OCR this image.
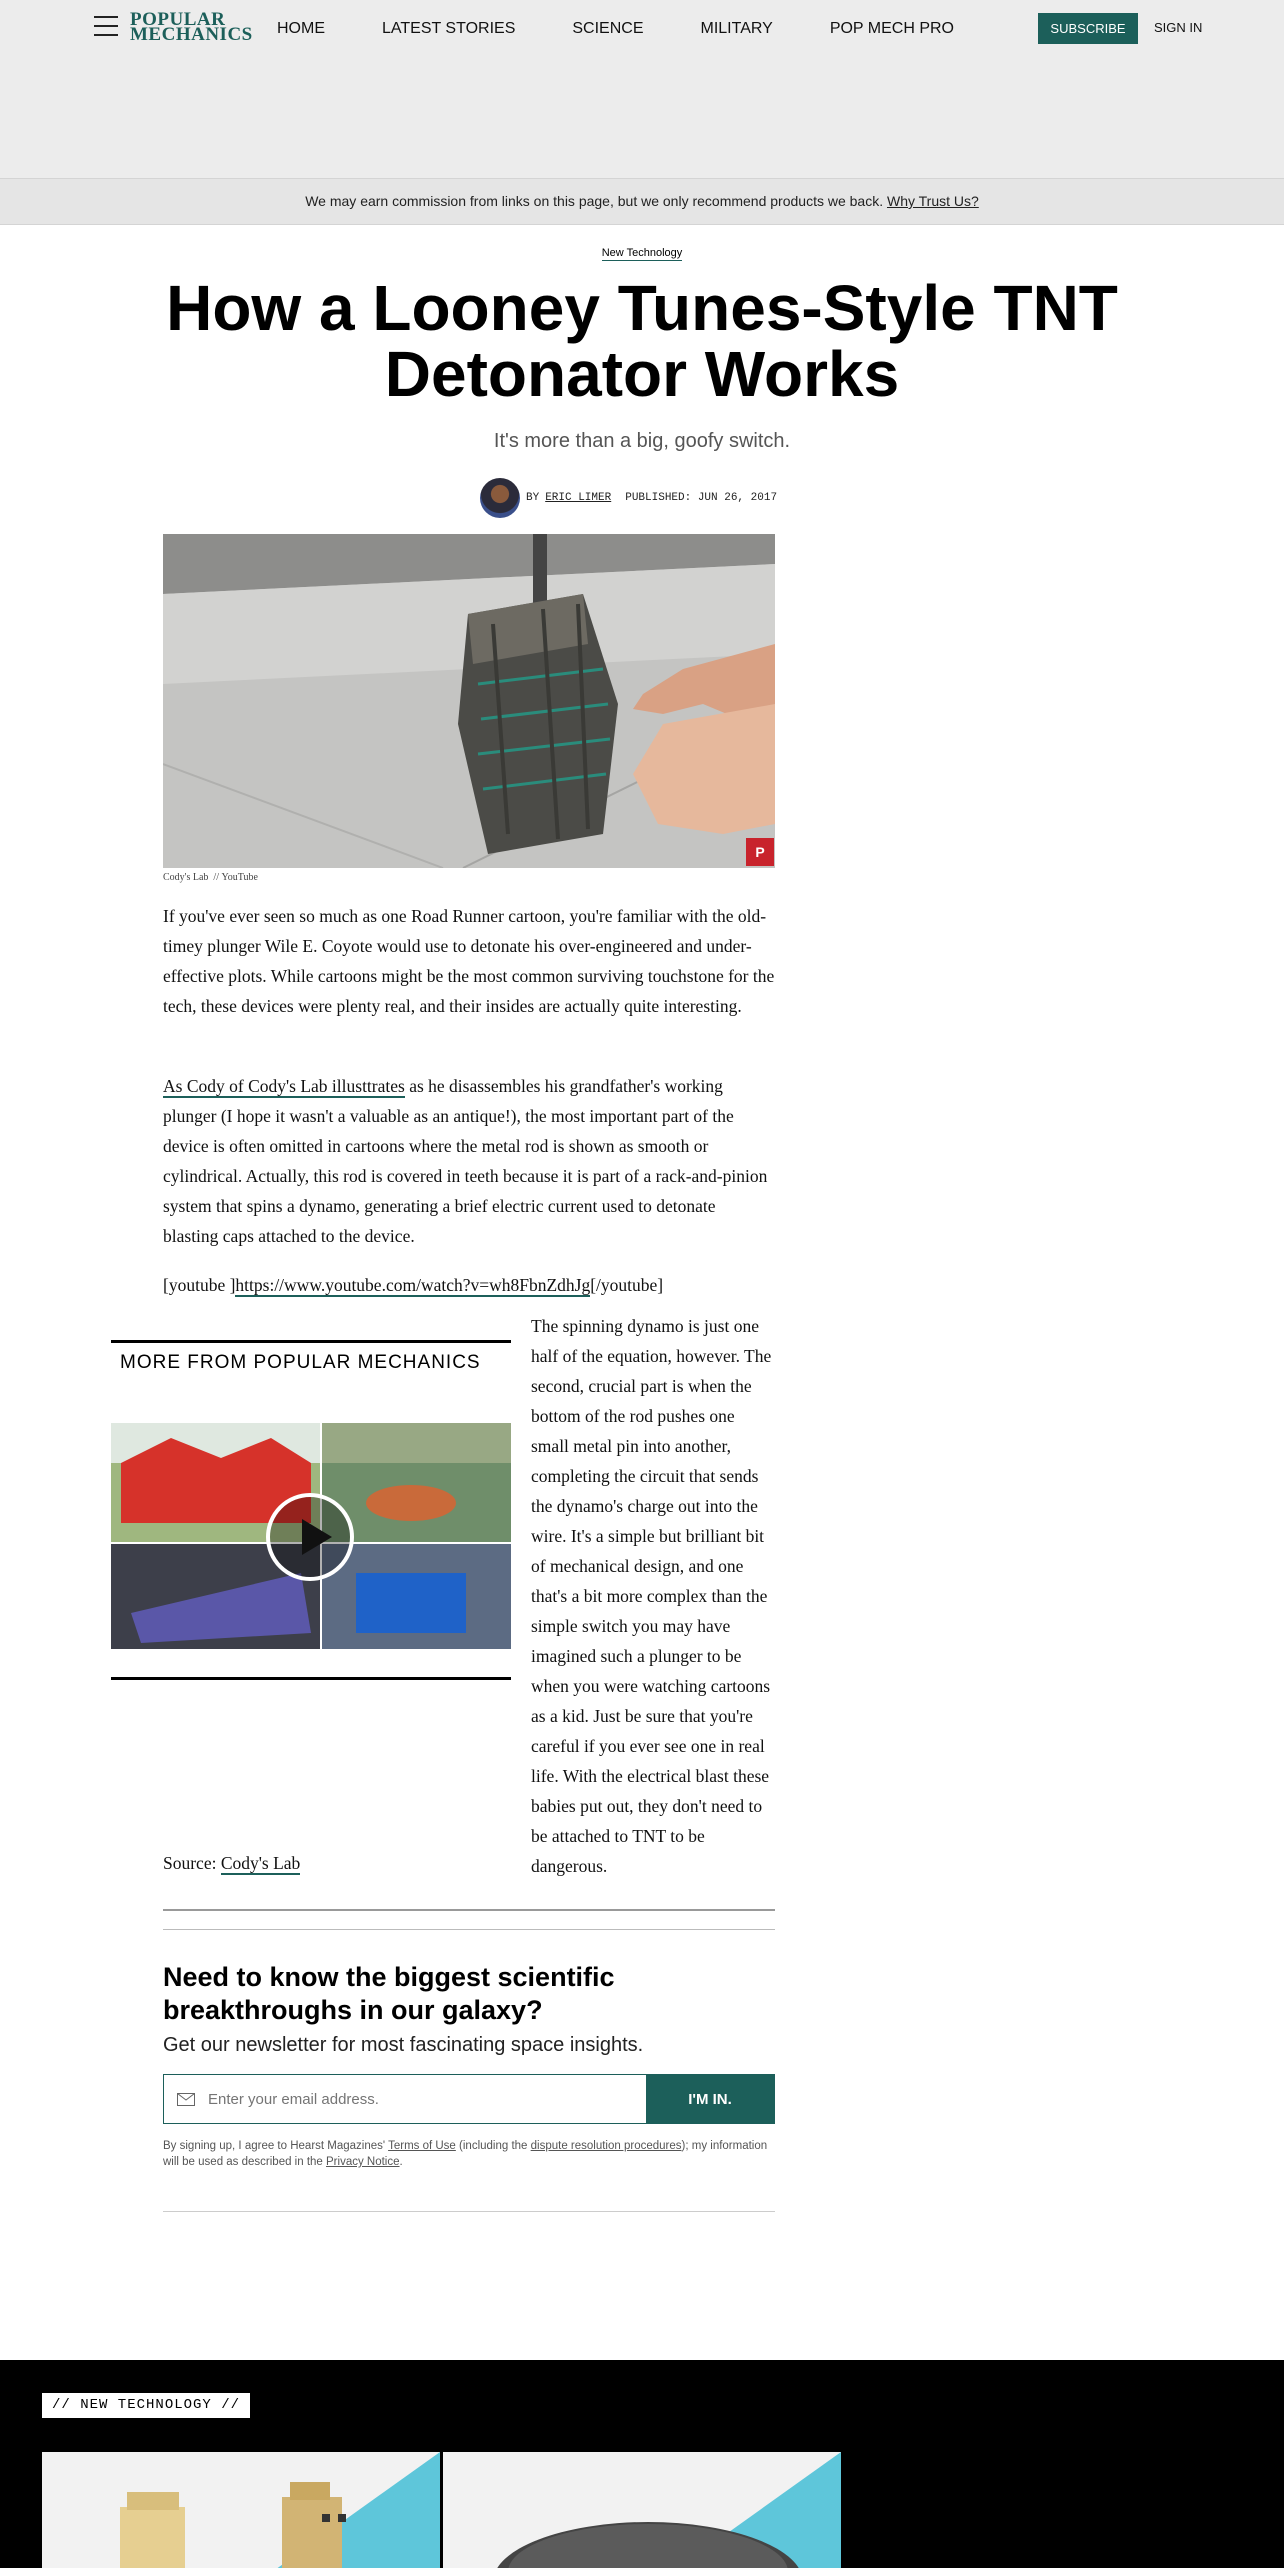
POPULAR
MECHANICS HOME	LATEST STORIES	SCIENCE	MILITARY	POP MECH PRO	SUBSCRIBE	SIGN IN
We may earn commission from links on this page, but we only recommend products we back. Why Trust Us?
New Technology
How a Looney Tunes-Style TNT Detonator Works
It's more than a big, goofy switch.
BY ERIC LIMER PUBLISHED: JUN 26, 2017
P
Cody's Lab  // YouTube

If you've ever seen so much as one Road Runner cartoon, you're familiar with the old-timey plunger Wile E. Coyote would use to detonate his over-engineered and under-effective plots. While cartoons might be the most common surviving touchstone for the tech, these devices were plenty real, and their insides are actually quite interesting.

As Cody of Cody's Lab illusttrates as he disassembles his grandfather's working plunger (I hope it wasn't a valuable as an antique!), the most important part of the device is often omitted in cartoons where the metal rod is shown as smooth or cylindrical. Actually, this rod is covered in teeth because it is part of a rack-and-pinion system that spins a dynamo, generating a brief electric current used to detonate blasting caps attached to the device.

[youtube ]https://www.youtube.com/watch?v=wh8FbnZdhJg[/youtube]

MORE FROM POPULAR MECHANICS

The spinning dynamo is just one half of the equation, however. The second, crucial part is when the bottom of the rod pushes one small metal pin into another, completing the circuit that sends the dynamo's charge out into the wire. It's a simple but brilliant bit of mechanical design, and one that's a bit more complex than the simple switch you may have imagined such a plunger to be when you were watching cartoons as a kid. Just be sure that you're careful if you ever see one in real life. With the electrical blast these babies put out, they don't need to be attached to TNT to be dangerous.

Source: Cody's Lab

Need to know the biggest scientific breakthroughs in our galaxy?
Get our newsletter for most fascinating space insights.
Enter your email address.
I'M IN.

By signing up, I agree to Hearst Magazines' Terms of Use (including the dispute resolution procedures); my information will be used as described in the Privacy Notice.

// NEW TECHNOLOGY //
